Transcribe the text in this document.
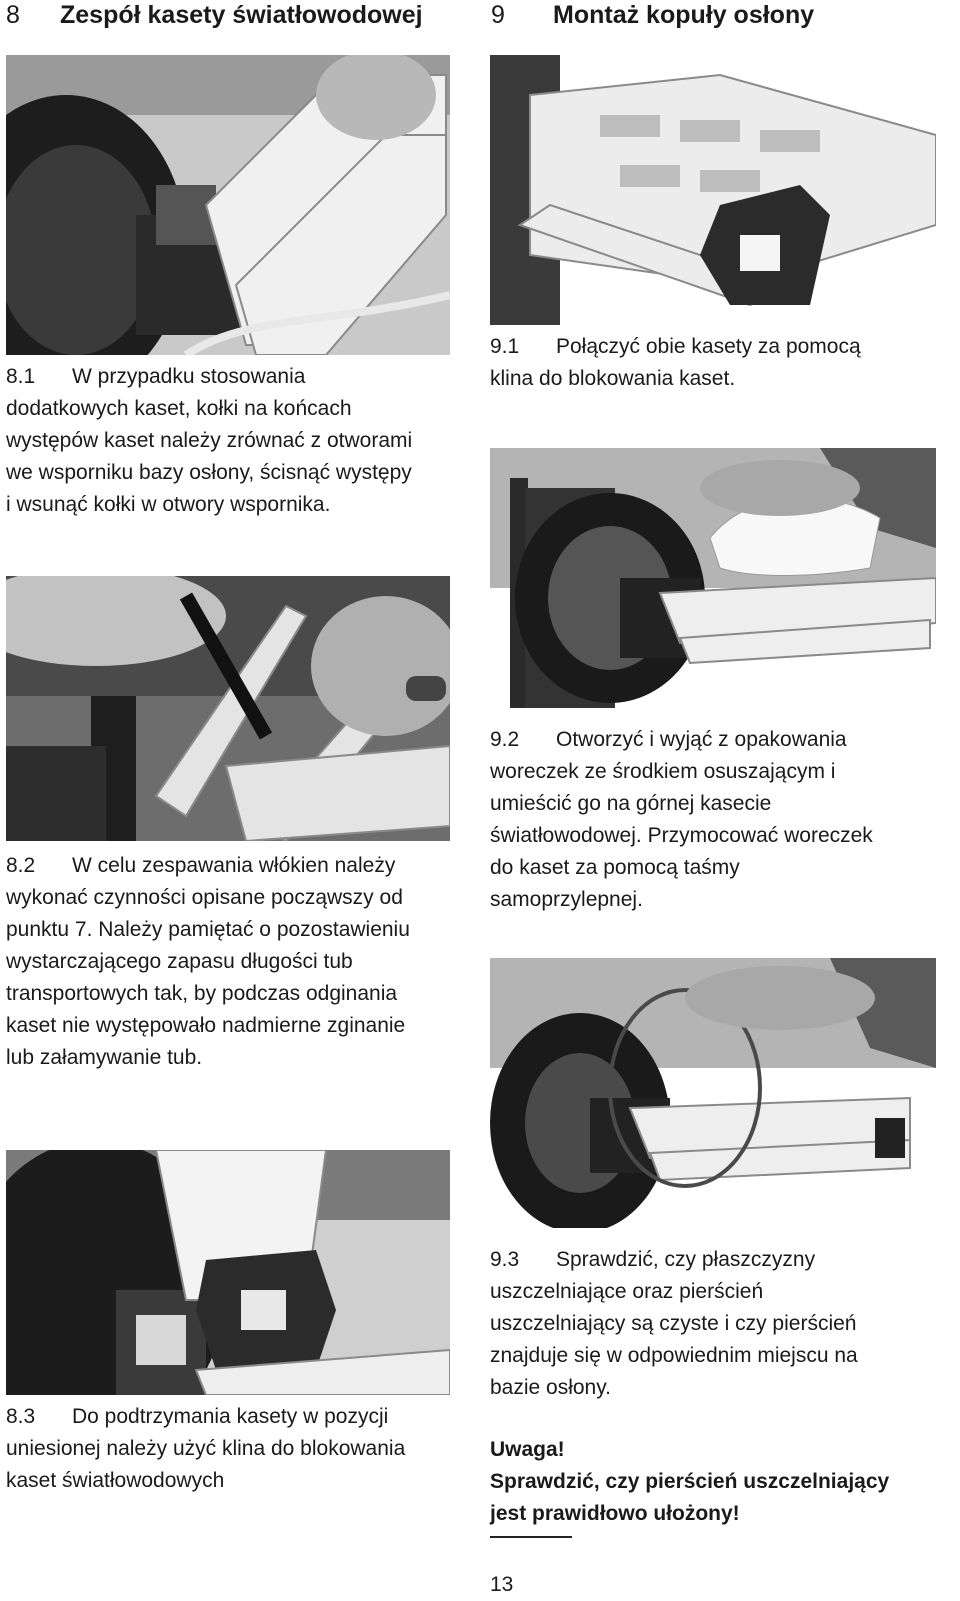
8 Zespół kasety światłowodowej	9 Montaż kopuły osłony
8.1 W przypadku stosowania
dodatkowych kaset, kołki na końcach
występów kaset należy zrównać z otworami
we wsporniku bazy osłony, ścisnąć występy
i wsunąć kołki w otwory wspornika.
9.1 Połączyć obie kasety za pomocą
klina do blokowania kaset.
9.2 Otworzyć i wyjąć z opakowania
woreczek ze środkiem osuszającym i
umieścić go na górnej kasecie
światłowodowej. Przymocować woreczek
do kaset za pomocą taśmy
samoprzylepnej.
8.2 W celu zespawania włókien należy
wykonać czynności opisane począwszy od
punktu 7. Należy pamiętać o pozostawieniu
wystarczającego zapasu długości tub
transportowych tak, by podczas odginania
kaset nie występowało nadmierne zginanie
lub załamywanie tub.
9.3 Sprawdzić, czy płaszczyzny
uszczelniające oraz pierścień
uszczelniający są czyste i czy pierścień
znajduje się w odpowiednim miejscu na
bazie osłony.
8.3 Do podtrzymania kasety w pozycji
uniesionej należy użyć klina do blokowania
kaset światłowodowych

Uwaga!

Sprawdzić, czy pierścień uszczelniający

jest prawidłowo ułożony!

13
